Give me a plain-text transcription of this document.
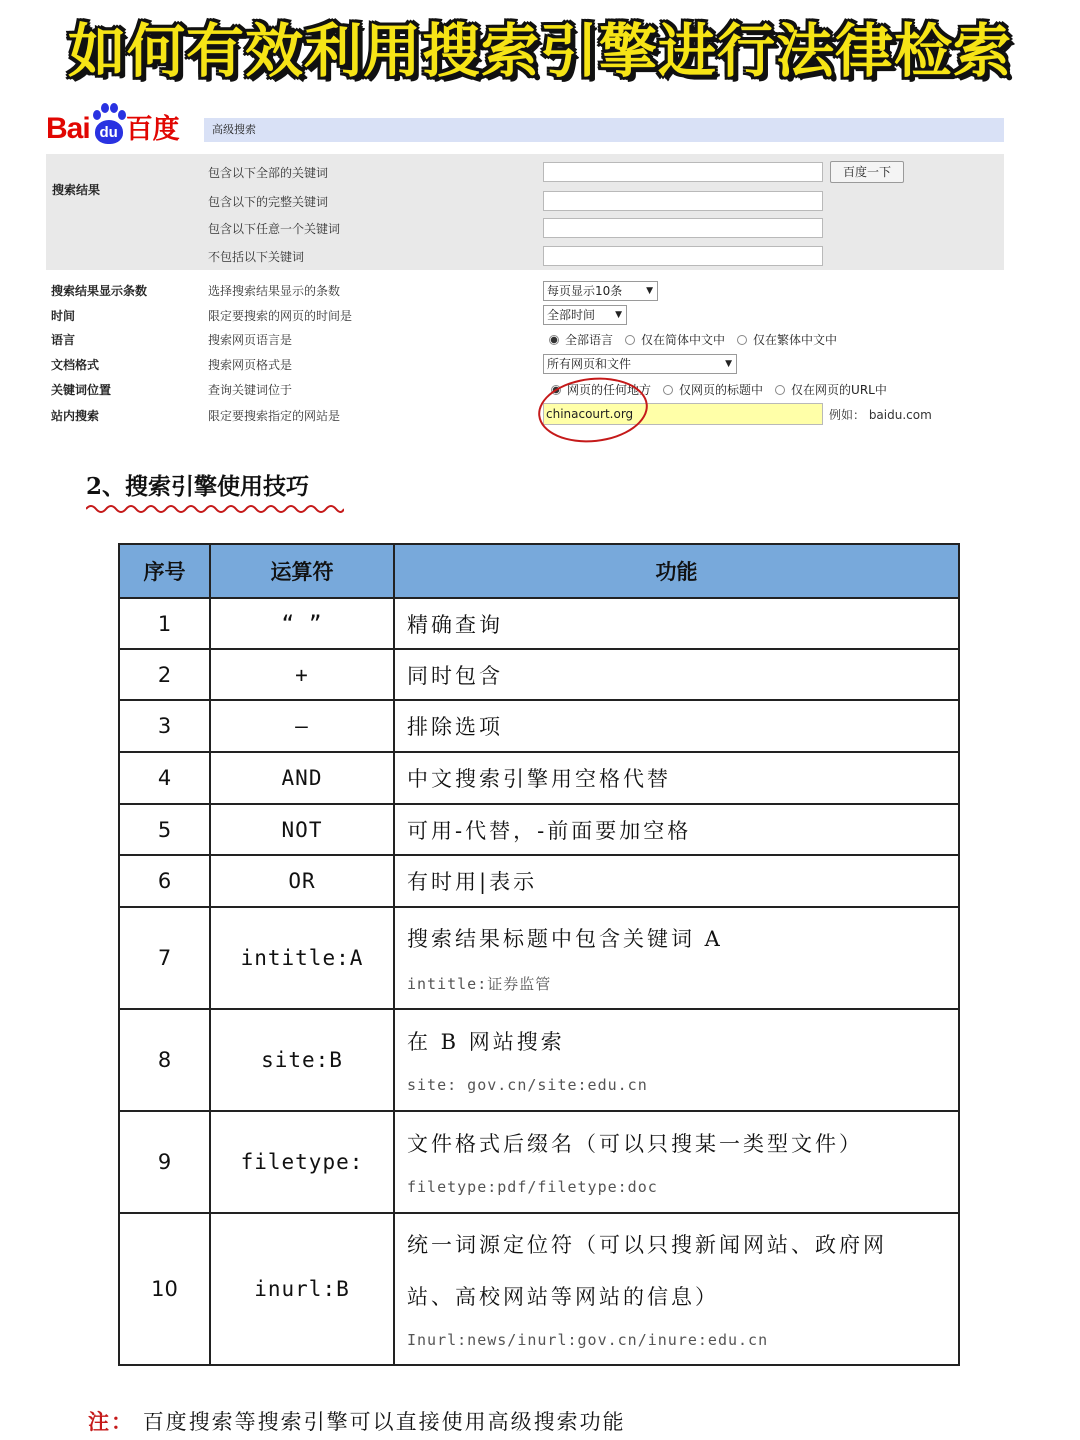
如何有效利用搜索引擎进行法律检索
Bai du 百度	高级搜索
搜索结果
包含以下全部的关键词	百度一下
包含以下的完整关键词
包含以下任意一个关键词
不包括以下关键词
搜索结果显示条数	选择搜索结果显示的条数	每页显示10条	▼
时间	限定要搜索的网页的时间是	全部时间 ▼
语言	搜索网页语言是	全部语言 仅在简体中文中 仅在繁体中文中
文档格式	搜索网页格式是	所有网页和文件	▼
关键词位置	查询关键词位于	网页的任何地方 仅网页的标题中 仅在网页的URL中
站内搜索	限定要搜索指定的网站是	chinacourt.org	例如： baidu.com
2、搜索引擎使用技巧
序号	运算符	功能
1	“ ”	精确查询
2	+	同时包含
3	–	排除选项
4	AND	中文搜索引擎用空格代替
5	NOT	可用-代替，-前面要加空格
6	OR	有时用|表示
7	intitle:A	搜索结果标题中包含关键词 A
intitle:证券监管

8	site:B	在 B 网站搜索
site: gov.cn/site:edu.cn

9	filetype:	文件格式后缀名（可以只搜某一类型文件）
filetype:pdf/filetype:doc

10	inurl:B	统一词源定位符（可以只搜新闻网站、政府网
站、高校网站等网站的信息）
Inurl:news/inurl:gov.cn/inure:edu.cn
注： 百度搜索等搜索引擎可以直接使用高级搜索功能
